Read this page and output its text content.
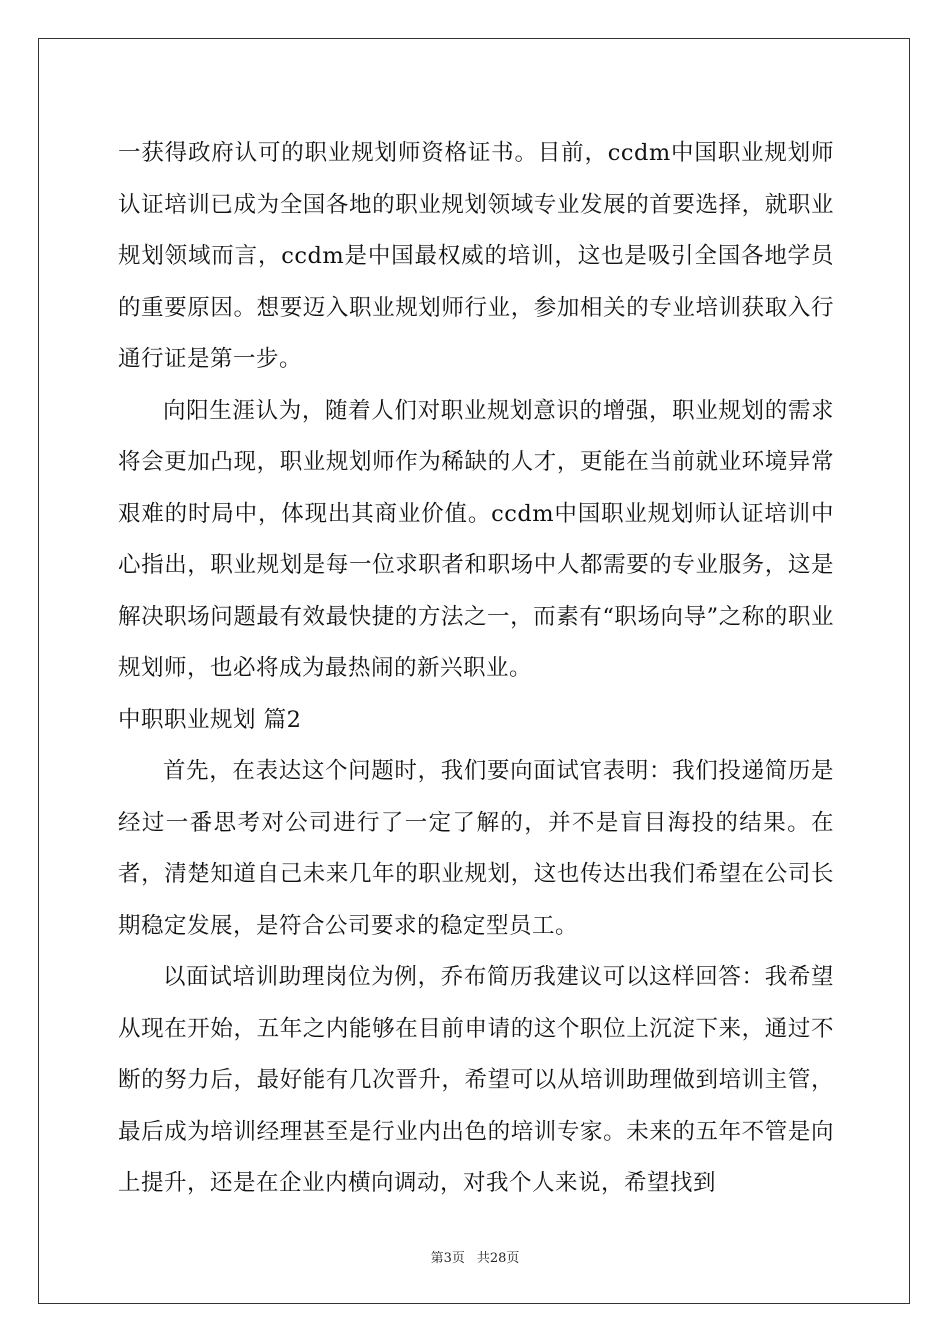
一获得政府认可的职业规划师资格证书。目前，ccdm中国职业规划师认证培训已成为全国各地的职业规划领域专业发展的首要选择，就职业规划领域而言，ccdm是中国最权威的培训，这也是吸引全国各地学员的重要原因。想要迈入职业规划师行业，参加相关的专业培训获取入行通行证是第一步。

向阳生涯认为，随着人们对职业规划意识的增强，职业规划的需求将会更加凸现，职业规划师作为稀缺的人才，更能在当前就业环境异常艰难的时局中，体现出其商业价值。ccdm中国职业规划师认证培训中心指出，职业规划是每一位求职者和职场中人都需要的专业服务，这是解决职场问题最有效最快捷的方法之一，而素有“职场向导”之称的职业规划师，也必将成为最热闹的新兴职业。

中职职业规划 篇2

首先，在表达这个问题时，我们要向面试官表明：我们投递简历是经过一番思考对公司进行了一定了解的，并不是盲目海投的结果。在者，清楚知道自己未来几年的职业规划，这也传达出我们希望在公司长期稳定发展，是符合公司要求的稳定型员工。

以面试培训助理岗位为例，乔布简历我建议可以这样回答：我希望从现在开始，五年之内能够在目前申请的这个职位上沉淀下来，通过不断的努力后，最好能有几次晋升，希望可以从培训助理做到培训主管，最后成为培训经理甚至是行业内出色的培训专家。未来的五年不管是向上提升，还是在企业内横向调动，对我个人来说，希望找到

第3页 共28页
